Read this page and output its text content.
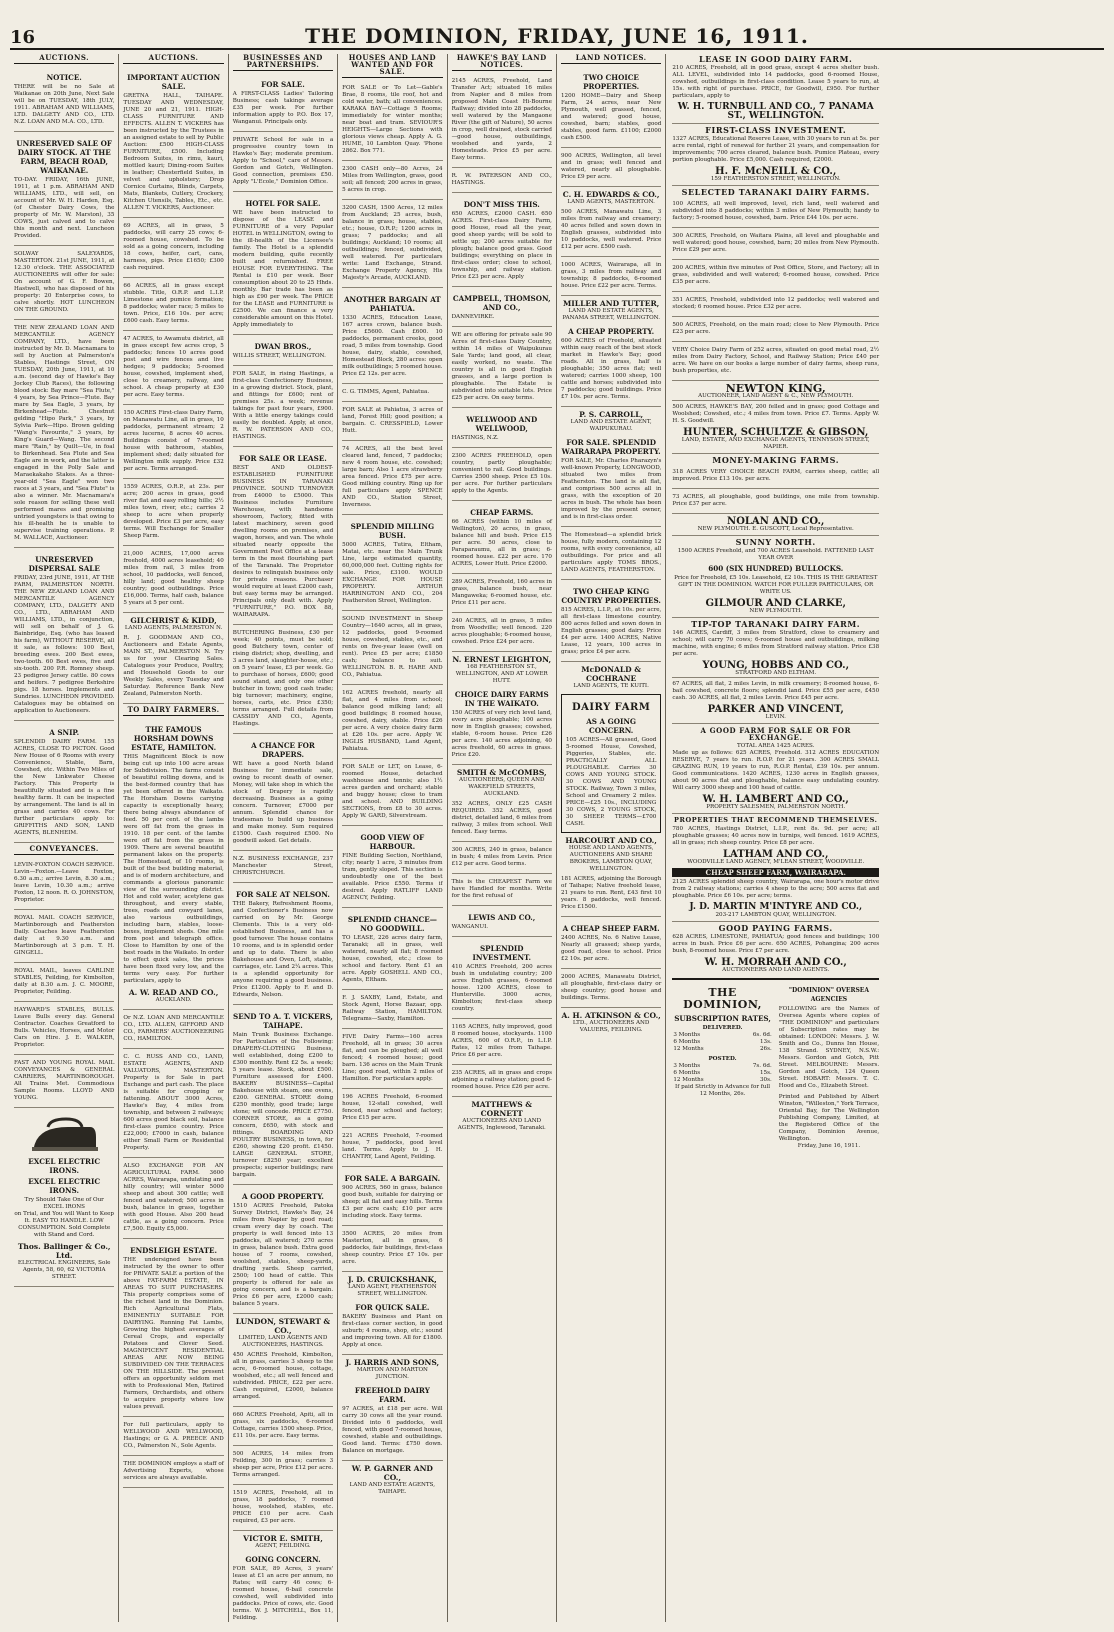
16	THE DOMINION, FRIDAY, JUNE 16, 1911.
AUCTIONS.
NOTICE.
THERE will be no Sale at Waikanae on 20th June, Next Sale will be on TUESDAY, 18th JULY, 1911. ABRAHAM AND WILLIAMS, LTD. DALGETY AND CO., LTD. N.Z. LOAN AND M.A. CO., LTD.
UNRESERVED SALE OF DAIRY STOCK. AT THE FARM, BEACH ROAD, WAIKANAE.
TO-DAY. FRIDAY, 16th JUNE, 1911, at 1 p.m. ABRAHAM AND WILLIAMS, LTD., will sell, on account of Mr. W. H. Harden, Esq. (of Chester Dairy Cows, the property of Mr. W. Marston), 35 COWS, just calved and to calve this month and next. Luncheon Provided.
SOLWAY SALEYARDS, MASTERTON. 21st JUNE, 1911, at 12.30 o'clock. THE ASSOCIATED AUCTIONEERS will offer for sale: On account of G. F. Bowen, Hastwell, who has disposed of his property: 20 Enterprise cows, to calve shortly. HOT LUNCHEON ON THE GROUND.
THE NEW ZEALAND LOAN AND MERCANTILE AGENCY COMPANY, LTD., have been instructed by Mr. D. Macnamara to sell by Auction at Palmerston's Stables, Hastings Street, ON TUESDAY, 20th June, 1911, at 10 a.m. (second day of Hawke's Bay Jockey Club Races), the following blood stock: Bay mare "Sea Flute," 4 years, by Sea Prince—Flute. Bay mare by Sea Eagle, 3 years, by Birkenhead—Flute. Chestnut gelding "Hipo Park," 3 years, by Sylvia Park—Hipo. Brown gelding "Wang's Favourite," 3 years, by King's Guard—Wang. The second mare "Rain," by Quilt—Ue, in foal to Birkenhead. Sea Flute and Sea Eagle are in work, and the latter is engaged in the Polly Sale and Maraekakaho Stakes. As a three-year-old "Sea Eagle" won two races at 3 years, and "Sea Flute" is also a winner. Mr. Macnamara's sole reason for selling these well performed mares and promising untried youngsters is that owing to his ill-health he is unable to supervise training operations. P. M. WALLACE, Auctioneer.
UNRESERVED DISPERSAL SALE
FRIDAY, 23rd JUNE, 1911, AT THE FARM, PALMERSTON NORTH. THE NEW ZEALAND LOAN AND MERCANTILE AGENCY COMPANY, LTD., DALGETY AND CO., LTD., ABRAHAM AND WILLIAMS, LTD., in conjunction, will sell on behalf of J. G. Bainbridge, Esq. (who has leased his farm), WITHOUT RESERVE, all it sale, as follows: 100 Best, breeding ewes. 200 Best ewes, two-tooth. 60 Best ewes, five and six-tooth. 200 P.R. Romney sheep. 23 pedigree Jersey cattle. 80 cows and heifers. 7 pedigree Berkshire pigs. 18 horses. Implements and Sundries. LUNCHEON PROVIDED. Catalogues may be obtained on application to Auctioneers.
A SNIP.
SPLENDID DAIRY FARM. 155 ACRES, CLOSE TO PICTON. Good New House of 6 Rooms with every Convenience, Stable, Barn, Cowshed, etc. Within Two Miles of the New Linkwater Cheese Factory. This Property is beautifully situated and is a fine healthy farm. It can be inspected by arrangement. The land is all in grass and carries 40 cows. For further particulars apply to: GRIFFITHS AND SON, LAND AGENTS, BLENHEIM.
CONVEYANCES.
LEVIN-FOXTON COACH SERVICE. Levin—Foxton.—Leave Foxton, 6.30 a.m.; arrive Levin, 8.30 a.m.; leave Levin, 10.30 a.m.; arrive Foxton, 12 noon. R. O. JOHNSTON, Proprietor.
ROYAL MAIL COACH SERVICE, Martinborough and Featherston Daily. Coaches leave Featherston daily at 9.30 a.m. and Martinborough at 3 p.m. T. H. GINGELL.
ROYAL MAIL, leaves CARLINE STABLES, Feilding, for Kimbolton, daily at 8.30 a.m. J. C. MOORE, Proprietor, Feilding.
HAYWARD'S STABLES, BULLS. Leave Bulls every day. General Contractor. Coaches Greatford to Bulls. Vehicles, Horses, and Motor Cars on Hire. J. E. WALKER, Proprietor.
FAST AND YOUNG ROYAL MAIL CONVEYANCES & GENERAL CARRIERS, MARTINBOROUGH. All Trains Met. Commodious Sample Rooms. LLOYD AND YOUNG.
EXCEL ELECTRIC IRONS.
EXCEL ELECTRIC IRONS.
Try Should Take One of Our EXCEL IRONS
on Trial, and You will Want to Keep It. EASY TO HANDLE. LOW CONSUMPTION. Sold Complete with Stand and Cord.
Thos. Ballinger & Co., Ltd.
ELECTRICAL ENGINEERS, Sole Agents, 58, 60, 62 VICTORIA STREET.
AUCTIONS.
IMPORTANT AUCTION SALE.
GRETNA HALL, TAIHAPE. TUESDAY AND WEDNESDAY, JUNE 20 and 21, 1911. HIGH-CLASS FURNITURE AND EFFECTS. ALLEN T. VICKERS has been instructed by the Trustees in an assigned estate to sell by Public Auction: £500 HIGH-CLASS FURNITURE, £500. Including Bedroom Suites, in rimu, kauri, mottled kauri; Dining-room Suites in leather; Chesterfield Suites, in velvet and upholstery; Drop Cornice Curtains, Blinds, Carpets, Mats, Blankets, Cutlery, Crockery, Kitchen Utensils, Tables, Etc., etc. ALLEN T. VICKERS, Auctioneer.
69 ACRES, all in grass, 5 paddocks, will carry 25 cows; 6-roomed house, cowshed. To be sold as a going concern, including 18 cows, heifer, cart, cans, harness, pigs. Price £1650; £300 cash required.
66 ACRES, all in grass except stubble. Title, O.R.P. and L.I.P. Limestone and pumice formation; 8 paddocks; water race; 5 miles to town. Price, £16 10s. per acre; £600 cash. Easy terms.
47 ACRES, to Awamutu district, all in grass except few acres crop, 5 paddocks; fences 10 acres good post and wire fences and live hedges; 9 paddocks; 5-roomed house, cowshed, implement shed, close to creamery, railway, and school. A cheap property at £30 per acre. Easy terms.
150 ACRES First-class Dairy Farm, on Manawatu Line, all in grass, 10 paddocks, permanent stream; 2 acres lucerne, 8 acres 40 acres. Buildings consist of 7-roomed house with bathroom, stables, implement shed; daily situated for Wellington milk supply. Price £32 per acre. Terms arranged.
1559 ACRES, O.R.P., at 23s. per acre; 200 acres in grass, good river flat and easy rolling hills; 2½ miles town, river, etc.; carries 2 sheep to acre when properly developed. Price £3 per acre, easy terms. Will Exchange for Smaller Sheep Farm.
21,000 ACRES, 17,000 acres freehold, 4000 acres leasehold; 40 miles from rail, 3 miles from school, 10 paddocks, well fenced, hilly land; good healthy sheep country; good outbuildings. Price £16,000. Terms, half cash, balance 5 years at 5 per cent.
GILCHRIST & KIDD,
LAND AGENTS, PALMERSTON N.
R. J. GOODMAN AND CO., Auctioneers and Estate Agents, MAIN ST., PALMERSTON N. Try us for your Clearing Sales. Catalogues your Produce, Poultry, and Household Goods to our Weekly Sales, every Tuesday and Saturday. Reference Bank New Zealand, Palmerston North.
TO DAIRY FARMERS.
THE FAMOUS HORSHAM DOWNS ESTATE, HAMILTON.
THIS Magnificent Block is now being cut up into 100 acre areas for Subdivision. The farms consist of beautiful rolling downs, and is the best-formed country that has yet been offered in the Waikato. The Horsham Downs carrying capacity is exceptionally heavy, there being always abundance of feed. 50 per cent. of the lambs were off fat from the grass in 1910. 18 per cent. of the lambs were off fat from the grass in 1909. There are several beautiful permanent lakes on the property. The Homestead, of 10 rooms, is built of the best building material, and is of modern architecture, and commands a glorious panoramic view of the surrounding district. Hot and cold water, acetylene gas throughout, and every stable, trees, roads and cowyard lanes, also various outbuildings, including barn, stables, loose-boxes, implement sheds. One mile from post and telegraph office. Close to Hamilton by one of the best roads in the Waikato. In order to effect quick sales, the prices have been fixed very low, and the terms very easy. For further particulars, apply to
A. W. READ AND CO.,
AUCKLAND.
Or N.Z. LOAN AND MERCANTILE CO., LTD. ALLEN, GIFFORD AND CO., FARMERS' AUCTIONEERING CO., HAMILTON.
C. C. RUSS AND CO., LAND, ESTATE AGENTS, AND VALUATORS, MASTERTON. Property is for Sale in part Exchange and part cash. The place is suitable for cropping or fattening. ABOUT 3000 Acres, Hawke's Bay, 4 miles from township, and between 2 railways; 600 acres good black soil, balance first-class pumice country. Price £22,000; £7000 in cash, balance either Small Farm or Residential Property.
ALSO EXCHANGE FOR AN AGRICULTURAL FARM. 3600 ACRES, Wairarapa, undulating and hilly country; will winter 5000 sheep and about 300 cattle; well fenced and watered; 500 acres in bush, balance in grass, together with good House. Also 200 head cattle, as a going concern. Price £7,500. Equity £5,000.
ENDSLEIGH ESTATE.
THE undersigned have been instructed by the owner to offer for PRIVATE SALE a portion of the above FAT-FARM ESTATE, IN AREAS TO SUIT PURCHASERS. This property comprises some of the richest land in the Dominion. Rich Agricultural Flats, EMINENTLY SUITABLE FOR DAIRYING. Running Fat Lambs, Growing the highest averages of Cereal Crops, and especially Potatoes and Clover Seed. MAGNIFICENT RESIDENTIAL AREAS ARE NOW BEING SUBDIVIDED ON THE TERRACES ON THE HILLSIDE. The present offers an opportunity seldom met with to Professional Men, Retired Farmers, Orchardists, and others to acquire property where low values prevail.
For full particulars, apply to WELLWOOD AND WELLWOOD, Hastings; or G. A. PREECE AND CO., Palmerston N., Sole Agents.
THE DOMINION employs a staff of Advertising Experts, whose services are always available.
BUSINESSES AND PARTNERSHIPS.
FOR SALE.
A FIRST-CLASS Ladies' Tailoring Business; cash takings average £35 per week. For further information apply to P.O. Box 17, Wanganui. Principals only.
PRIVATE School for sale in a progressive country town in Hawke's Bay; moderate premium. Apply to "School," care of Messrs. Gordon and Gotch, Wellington. Good connection, premises £50. Apply "L'Ecole," Dominion Office.
HOTEL FOR SALE.
WE have been instructed to dispose of the LEASE and FURNITURE of a very Popular HOTEL in WELLINGTON, owing to the ill-health of the Licensee's family. The Hotel is a splendid modern building, quite recently built and refurnished. FREE HOUSE FOR EVERYTHING. The Rental is £10 per week. Beer consumption about 20 to 25 Hhds. monthly. Bar trade has been as high as £90 per week. The PRICE for the LEASE and FURNITURE is £2500. We can finance a very considerable amount on this Hotel. Apply immediately to
DWAN BROS.,
WILLIS STREET, WELLINGTON.
FOR SALE, in rising Hastings, a first-class Confectionery Business, in a growing district. Stock, plant, and fittings for £600; rent of premises 25s. a week; revenue takings for past four years, £900. With a little energy takings could easily be doubled. Apply, at once, R. W. PATERSON AND CO., HASTINGS.
FOR SALE OR LEASE.
BEST AND OLDEST-ESTABLISHED FURNITURE BUSINESS IN TARANAKI PROVINCE. SOUND TURNOVER from £4000 to £5000. This Business includes Furniture Warehouse, with handsome showroom, Factory, fitted with latest machinery, seven good dwelling rooms on premises, and wagon, horses, and van. The whole situated nearly opposite the Government Post Office at a lease term in the most flourishing part of the Taranaki. The Proprietor desires to relinquish business only for private reasons. Purchaser would require at least £2000 cash, but easy terms may be arranged. Principals only dealt with. Apply "FURNITURE," P.O. BOX 88, WAIRARAPA.
BUTCHERING Business, £30 per week; 40 points, must be sold; good Butchery town, center of rising district; shop, dwelling, and 3 acres land, slaughter-house, etc.; on 5 years' lease, £3 per week. Go to purchase of horses, £600; good sound stand, and only one other butcher in town; good cash trade; big turnover; machinery, engine, horses, carts, etc. Price £350; terms arranged. Full details from CASSIDY AND CO., Agents, Hastings.
A CHANCE FOR DRAPERS.
WE have a good North Island Business for immediate sale, owing to recent death of owner. Money, will take shop in which the stock of Drapery is rapidly decreasing. Business as a going concern. Turnover, £7000 per annum. Splendid chance for tradesman to build up business and make money. Sum required £1500. Cash required £500. No goodwill asked. Get details.
N.Z. BUSINESS EXCHANGE, 237 Manchester Street, CHRISTCHURCH.
FOR SALE AT NELSON.
THE Bakery, Refreshment Rooms, and Confectioner's Business now carried on by Mr. George Clements. This is a very old-established Business, and has a good turnover. The house contains 10 rooms, and is in splendid order and up to date. There is also Bakehouse and Oven, Loft, stable, carriages, etc. Land 2¼ acres. This is a splendid opportunity for anyone requiring a good business. Price £1200. Apply to F. and D. Edwards, Nelson.
SEND TO A. T. VICKERS, TAIHAPE.
Main Trunk Business Exchange. For Particulars of the Following: DRAPERY-CLOTHING Business, well established, doing £200 to £300 monthly. Rent £2 5s. a week; 5 years lease. Stock, about £500. Furniture assessed for £400. BAKERY BUSINESS—Capital Bakehouse with steam, one ovens, £200. GENERAL STORE doing £250 monthly, good trade; large stone; will concede. PRICE £7750. CORNER STORE, as a going concern, £650, with stock and fittings. BOARDING AND POULTRY BUSINESS, in town, for £260, showing £20 profit. £1450. LARGE GENERAL STORE, turnover £8250 year; excellent prospects; superior buildings; rare bargain.
A GOOD PROPERTY.
1510 ACRES Freehold, Patoka Survey District, Hawke's Bay, 24 miles from Napier by good road; cream every day by coach. The property is well fenced into 13 paddocks, all watered; 270 acres in grass, balance bush. Extra good house of 7 rooms, cowshed, woolshed, stables, sheep-yards, drafting yards. Sheep carried, 2500; 100 head of cattle. This property is offered for sale as going concern, and is a bargain. Price £6 per acre, £2000 cash; balance 5 years.
LUNDON, STEWART & CO.,
LIMITED, LAND AGENTS AND AUCTIONEERS, HASTINGS.
450 ACRES Freehold, Kimbolton, all in grass, carries 3 sheep to the acre, 6-roomed house, cottage, woolshed, etc.; all well fenced and subdivided. PRICE, £22 per acre. Cash required, £2000, balance arranged.
660 ACRES Freehold, Apiti, all in grass, six paddocks, 6-roomed Cottage, carries 1500 sheep. Price, £11 10s. per acre. Easy terms.
500 ACRES, 14 miles from Feilding, 300 in grass; carries 3 sheep per acre, Price £12 per acre. Terms arranged.
1519 ACRES, Freehold, all in grass, 18 paddocks, 7 roomed house, woolshed, stables, etc. PRICE £10 per acre. Cash required, £3 per acre.
VICTOR E. SMITH,
AGENT, FEILDING.
GOING CONCERN.
FOR SALE, 89 Acres, 3 years' lease at £1 an acre per annum, no Rates; will carry 46 cows; 6-roomed house, 6-bail concrete cowshed, well subdivided into paddocks. Price of cows, etc. Good terms. W. J. MITCHELL, Box 11, Feilding.
HOUSES AND LAND WANTED AND FOR SALE.
FOR SALE or To Let—Gable's Brae, 8 rooms, tile roof, hot and cold water, bath; all conveniences. KARAKA BAY—Cottage 5 Rooms; immediately for winter months; near boat and tram. SEVIOUR'S HEIGHTS—Large Sections with glorious views cheap. Apply A. G. HUME, 10 Lambton Quay. 'Phone 2862. Box 771.
2300 CASH only—80 Acres, 24 Miles from Wellington, grass, good soil; all fenced; 200 acres in grass, 5 acres in crop.
3200 CASH, 1500 Acres, 12 miles from Auckland; 25 acres, bush, balance in grass; house, stables, etc.; house, O.R.P.; 1200 acres in grass; 7 paddocks; and all buildings; Auckland; 10 rooms; all outbuildings; fenced, subdivided, well watered. For particulars write: Land Exchange, Strand. Exchange Property Agency, His Majesty's Arcade, AUCKLAND.
ANOTHER BARGAIN AT PAHIATUA.
1330 ACRES, Education Lease, 167 acres crown, balance bush. Price £5600. Cash £600. 10 paddocks, permanent creeks, good road, 5 miles from township. Good house, dairy, stable, cowshed, Homestead Block, 280 acres: open milk outbuildings; 5 roomed house. Price £2 12s. per acre.
C. G. TIMMS, Agent, Pahiatua.
FOR SALE at Pahiatua, 3 acres of land, Forest Hill; good position; a bargain. C. CRESSFIELD, Lower Hutt.
74 ACRES, all the best level cleared land, fenced, 7 paddocks; new 4 room house, etc. cowshed; large barn; Also 1 acre strawberry area fenced. Price £75 per acre. Good milking country. Ring up for full particulars apply SPENCE AND CO., Station Street, Inverness.
SPLENDID MILLING BUSH.
5000 ACRES, Tutira, Eltham, Matai, etc. near the Main Trunk Line, large estimated quantity, 60,000,000 feet. Cutting rights for sale. Price, £3100. WOULD EXCHANGE FOR HOUSE PROPERTY. ARTHUR HARRINGTON AND CO., 204 Featherston Street, Wellington.
SOUND INVESTMENT in Sheep Country—1640 acres, all in grass, 12 paddocks, good 9-roomed house, cowshed, stables, etc., and rents on five-year lease (well on rent). Price £5 per acre; £1850 cash; balance to suit. WELLINGTON. B. R. HARE AND CO., Pahiatua.
162 ACRES freehold, nearly all flat, and 4 miles from school; balance good milking land; all good buildings; 8 roomed house, cowshed, dairy, stable. Price £26 per acre. A very choice dairy farm at £26 10s. per acre. Apply W. INGLIS HUSBAND, Land Agent, Pahiatua.
FOR SALE or LET, on Lease, 6-roomed House, detached washhouse and tennis; also 1½ acres garden and orchard; stable and buggy house; close to tram and school. AND BUILDING SECTIONS, from £8 to 30 acres. Apply W. GARD, Silverstream.
GOOD VIEW OF HARBOUR.
FINE Building Section, Northland, city; nearly 1 acre, 3 minutes from tram, gently sloped. This section is undoubtedly one of the best available. Price £550. Terms if desired. Apply RATLIFF LAND AGENCY, Feilding.
SPLENDID CHANCE—NO GOODWILL.
TO LEASE, 226 acres dairy farm, Taranaki; all in grass, well watered, nearly all flat; 8 roomed house, cowshed, etc.; close to school and factory. Rent £1 an acre. Apply GOSHELL AND CO., Agents, Eltham.
F. J. SAXBY, Land, Estate, and Stock Agent, Horse Bazaar, opp. Railway Station, HAMILTON. Telegrams—Saxby, Hamilton.
FIVE Dairy Farms—160 acres Freehold, all in grass; 30 acres flat, and can be ploughed; all well fenced; 4 roomed house; good barn. 136 acres on the Main Trunk Line; good road, within 2 miles of Hamilton. For particulars apply.
196 ACRES Freehold, 6-roomed house, 12-stall cowshed, well fenced, near school and factory; Price £15 per acre.
221 ACRES Freehold, 7-roomed house, 7 paddocks, good level land. Terms. Apply to J. H. CHANTRY, Land Agent, Feilding.
FOR SALE. A BARGAIN.
900 ACRES, 560 in grass, balance good bush, suitable for dairying or sheep; all flat and easy hills. Terms £3 per acre cash; £10 per acre including stock. Easy terms.
3500 ACRES, 20 miles from Masterton, all in grass, 6 paddocks, fair buildings, first-class sheep country. Price £7 10s. per acre.
J. D. CRUICKSHANK,
LAND AGENT, FEATHERSTON STREET, WELLINGTON.
FOR QUICK SALE.
BAKERY Business and Plant on first-class corner section, in good suburb; 4 rooms, shop, etc.; sound and improving town. All for £1800. Apply at once.
J. HARRIS AND SONS,
MARTON AND MARTON JUNCTION.
FREEHOLD DAIRY FARM.
97 ACRES, at £18 per acre. Will carry 30 cows all the year round. Divided into 6 paddocks, well fenced, with good 7-roomed house, cowshed, stable and outbuildings. Good land. Terms: £750 down. Balance on mortgage.
W. P. GARNER AND CO.,
LAND AND ESTATE AGENTS, TAIHAPE.
HAWKE'S BAY LAND NOTICES.
2145 ACRES, Freehold, Land Transfer Act; situated 16 miles from Napier and 8 miles from proposed Main Coast Hi-Bourne Railway; divided into 28 paddocks, well watered by the Mangaone River (the gift of Nature), 50 acres in crop, well drained, stock carried—good house, outbuildings, woolshed and yards, 2 Homesteads. Price £5 per acre. Easy terms.
R. W. PATERSON AND CO., HASTINGS.
DON'T MISS THIS.
650 ACRES, £2000 CASH. 650 ACRES. First-class Dairy Farm, good House, road all the year, good sheep yards; will be sold to settle up; 200 acres suitable for plough; balance good grass. Good buildings; everything on place in first-class order; close to school, township, and railway station. Price £23 per acre. Apply
CAMPBELL, THOMSON, AND CO.,
DANNEVIRKE.
WE are offering for private sale 90 Acres of first-class Dairy Country, within 14 miles of Waipukurau Sale Yards; land good, all clear, easily worked, no waste. The country is all in good English grasses, and a large portion is ploughable. The Estate is subdivided into suitable lots. Price £25 per acre. On easy terms.
WELLWOOD AND WELLWOOD,
HASTINGS, N.Z.
2300 ACRES FREEHOLD, open country, partly ploughable; convenient to rail. Good buildings. Carries 2500 sheep. Price £5 10s. per acre. For further particulars apply to the Agents.
CHEAP FARMS.
66 ACRES (within 10 miles of Wellington), 20 acres, in grass, balance hill and bush. Price £15 per acre. 50 acres, close to Paraparaumu, all in grass; 6-roomed house. £22 per acre. 170 ACRES, Lower Hutt. Price £2000.
289 ACRES, Freehold, 160 acres in grass, balance bush, near Mangaweka; 6-roomed house, etc. Price £11 per acre.
240 ACRES, all in grass, 5 miles from Woodville; well fenced. 220 acres ploughable; 6-roomed house, cowshed. Price £24 per acre.
N. ERNEST LEIGHTON,
168 FEATHERSTON ST., WELLINGTON, AND AT LOWER HUTT.
CHOICE DAIRY FARMS IN THE WAIKATO.
150 ACRES of very rich level land, every acre ploughable; 100 acres now in English grasses; cowshed, stable, 6-room house. Price £26 per acre. 140 acres adjoining, 40 acres freehold, 60 acres in grass. Price £20.
SMITH & McCOMBS,
AUCTIONEERS, QUEEN AND WAKEFIELD STREETS, AUCKLAND.
352 ACRES, ONLY £25 CASH REQUIRED. 352 ACRES, good district, detailed land, 6 miles from railway, 3 miles from school. Well fenced. Easy terms.
300 ACRES, 240 in grass, balance in bush; 4 miles from Levin. Price £12 per acre. Good terms.
This is the CHEAPEST Farm we have Handled for months. Write for the first refusal of
LEWIS AND CO.,
WANGANUI.
SPLENDID INVESTMENT.
410 ACRES Freehold, 200 acres bush in undulating country; 200 acres English grasses, 6-roomed house. 1200 ACRES, close to Hunterville. 3000 acres, Kimbolton; first-class sheep country.
1165 ACRES, fully improved, good 8 roomed house, stockyards. 1100 ACRES, 600 of O.R.P., in L.I.P. Rates, 12 miles from Taihape. Price £6 per acre.
235 ACRES, all in grass and crops adjoining a railway station; good 6-roomed house. Price £26 per acre.
MATTHEWS & CORNETT
AUCTIONEERS AND LAND AGENTS, Inglewood, Taranaki.
LAND NOTICES.
TWO CHOICE PROPERTIES.
1200 HOME—Dairy and Sheep Farm, 24 acres, near New Plymouth, well grassed, fenced, and watered; good house, cowshed, barn; stables, good stables, good farm. £1100; £2000 cash £500.
900 ACRES, Wellington, all level and in grass; well fenced and watered, nearly all ploughable. Price £9 per acre.
C. H. EDWARDS & CO.,
LAND AGENTS, MASTERTON.
500 ACRES, Manawatu Line, 3 miles from railway and creamery; 40 acres felled and sown down in English grasses, subdivided into 10 paddocks, well watered. Price £12 per acre. £500 cash.
1000 ACRES, Wairarapa, all in grass, 3 miles from railway and township; 8 paddocks, 6-roomed house. Price £22 per acre. Terms.
MILLER AND TUTTER,
LAND AND ESTATE AGENTS, PANAMA STREET, WELLINGTON.
A CHEAP PROPERTY.
600 ACRES of Freehold, situated within easy reach of the best stock market in Hawke's Bay; good roads. All in grass, half is ploughable; 350 acres flat; well watered; carries 1000 sheep, 100 cattle and horses; subdivided into 7 paddocks; good buildings. Price £7 10s. per acre. Terms.
P. S. CARROLL,
LAND AND ESTATE AGENT, WAIPUKURAU.
FOR SALE. SPLENDID WAIRARAPA PROPERTY.
FOR SALE, Mr. Charles Pharazyn's well-known Property, LONGWOOD, situated two miles from Featherston. The land is all flat, and comprises 500 acres all in grass, with the exception of 20 acres in bush. The whole has been improved by the present owner, and is in first-class order.
The Homestead—a splendid brick house, fully modern, containing 12 rooms, with every convenience, all outbuildings. For price and all particulars apply TOMS BROS., LAND AGENTS, FEATHERSTON.
TWO CHEAP KING COUNTRY PROPERTIES.
815 ACRES, L.I.P., at 10s. per acre, all first-class limestone country. 800 acres felled and sown down in English grasses; good dairy. Price £4 per acre. 1400 ACRES, Native Lease, 12 years, 100 acres in grass; price £4 per acre.
McDONALD & COCHRANE
LAND AGENTS, TE KUITI.
DAIRY FARM
AS A GOING CONCERN.
105 ACRES—All grassed, Good 5-roomed House, Cowshed, Piggeries, Stables, etc. PRACTICALLY ALL PLOUGHABLE. Carries 30 COWS AND YOUNG STOCK. 30 COWS AND YOUNG STOCK. Railway, Town 3 miles, School and Creamery 2 miles. PRICE—£25 10s., INCLUDING 30 COWS, 2 YOUNG STOCK, 30 SHEEP. TERMS—£700 CASH.
HARCOURT AND CO.,
HOUSE AND LAND AGENTS, AUCTIONEERS AND SHARE BROKERS, LAMBTON QUAY, WELLINGTON.
181 ACRES, adjoining the Borough of Taihape; Native freehold lease, 21 years to run. Rent, £43 first 10 years. 8 paddocks, well fenced. Price £1500.
A CHEAP SHEEP FARM.
2400 ACRES, No. 6 Native Lease, Nearly all grassed; sheep yards, good road, close to school. Price £2 10s. per acre.
2000 ACRES, Manawatu District, all ploughable, first-class dairy or sheep country; good house and buildings. Terms.
A. H. ATKINSON & CO.,
LTD., AUCTIONEERS AND VALUERS, FEILDING.
LEASE IN GOOD DAIRY FARM.
210 ACRES, Freehold, all in good grass, except 4 acres shelter bush. ALL LEVEL, subdivided into 14 paddocks, good 6-roomed House, cowshed, outbuildings in first-class condition. Lease 5 years to run, at 15s. with right of purchase. PRICE, for Goodwill, £950. For further particulars, apply to
W. H. TURNBULL AND CO., 7 PANAMA ST., WELLINGTON.
FIRST-CLASS INVESTMENT.
1327 ACRES, Educational Reserve Lease, with 30 years to run at 5s. per acre rental, right of renewal for further 21 years, and compensation for improvements; 700 acres cleared, balance bush. Pumice Plateau, every portion ploughable. Price £5,000. Cash required, £2000.
H. F. McNEILL & CO.,
159 FEATHERSTON STREET, WELLINGTON.
SELECTED TARANAKI DAIRY FARMS.
100 ACRES, all well improved, level, rich land, well watered and subdivided into 8 paddocks; within 3 miles of New Plymouth; handy to factory; 5-roomed house, cowshed, barn. Price £44 10s. per acre.
300 ACRES, Freehold, on Waitara Plains, all level and ploughable and well watered; good house, cowshed, barn; 20 miles from New Plymouth. Price £29 per acre.
200 ACRES, within five minutes of Post Office, Store, and Factory; all in grass, subdivided and well watered; 6-roomed house, cowshed. Price £35 per acre.
351 ACRES, Freehold, subdivided into 12 paddocks; well watered and stocked; 6 roomed house. Price £32 per acre.
500 ACRES, Freehold, on the main road; close to New Plymouth. Price £23 per acre.
VERY Choice Dairy Farm of 252 acres, situated on good metal road, 2½ miles from Dairy Factory, School, and Railway Station; Price £40 per acre. We have on our books a large number of dairy farms, sheep runs, bush properties, etc.
NEWTON KING,
AUCTIONEER, LAND AGENT & C., NEW PLYMOUTH.
500 ACRES, HAWKE'S BAY, 200 felled and in grass; good Cottage and Woolshed; Cowshed, etc.; 4 miles from town. Price £7. Terms. Apply W. H. S. Goodwill.
HUNTER, SCHULTZE & GIBSON,
LAND, ESTATE, AND EXCHANGE AGENTS, TENNYSON STREET, NAPIER.
MONEY-MAKING FARMS.
318 ACRES VERY CHOICE BEACH FARM, carries sheep, cattle; all improved. Price £13 10s. per acre.
73 ACRES, all ploughable, good buildings, one mile from township. Price £37 per acre.
NOLAN AND CO.,
NEW PLYMOUTH. E. GUSCOTT, Local Representative.
SUNNY NORTH.
1500 ACRES Freehold, and 700 ACRES Leasehold. FATTENED LAST YEAR OVER
600 (SIX HUNDRED) BULLOCKS.
Price for Freehold, £5 10s. Leasehold, £2 10s. THIS IS THE GREATEST GIFT IN THE DOMINION. WATCH FOR FULLER PARTICULARS, OR WRITE US.
GILMOUR AND CLARKE,
NEW PLYMOUTH.
TIP-TOP TARANAKI DAIRY FARM.
146 ACRES, Cardiff, 3 miles from Stratford, close to creamery and school; will carry 70 cows; 6-roomed house and outbuildings, milking machine, with engine; 6 miles from Stratford railway station. Price £38 per acre.
YOUNG, HOBBS AND CO.,
STRATFORD AND ELTHAM.
67 ACRES, all flat, 2 miles Levin, in milk creamery; 8-roomed house, 6-bail cowshed, concrete floors; splendid land. Price £55 per acre, £450 cash. 30 ACRES, all flat, 2 miles Levin. Price £45 per acre.
PARKER AND VINCENT,
LEVIN.
A GOOD FARM FOR SALE OR FOR EXCHANGE.
TOTAL AREA 1425 ACRES.
Made up as follows: 625 ACRES, Freehold. 312 ACRES EDUCATION RESERVE, 7 years to run. R.O.P. for 21 years. 300 ACRES SMALL GRAZING RUN, 19 years to run, R.O.P. Rental, £39 10s. per annum. Good communications. 1420 ACRES, 1230 acres in English grasses, about 90 acres flat and ploughable, balance easy undulating country. Will carry 3000 sheep and 100 head of cattle.
W. H. LAMBERT AND CO.,
PROPERTY SALESMEN, PALMERSTON NORTH.
PROPERTIES THAT RECOMMEND THEMSELVES.
780 ACRES, Hastings District, L.I.P., rent 8s. 9d. per acre; all ploughable grasses; 40 acres now in turnips, well fenced. 1619 ACRES, all in grass; rich sheep country. Price £8 per acre.
LATHAM AND CO.,
WOODVILLE LAND AGENCY, M'LEAN STREET, WOODVILLE.
CHEAP SHEEP FARM, WAIRARAPA.
2125 ACRES splendid sheep country, Wairarapa, one hour's motor drive from 2 railway stations; carries 4 sheep to the acre; 500 acres flat and ploughable. Price £6 10s. per acre; terms.
J. D. MARTIN M'INTYRE AND CO.,
203-217 LAMBTON QUAY, WELLINGTON.
GOOD PAYING FARMS.
628 ACRES, LIMESTONE, PAHIATUA; good fences and buildings; 100 acres in bush. Price £6 per acre. 650 ACRES, Pohangina; 200 acres bush, 8-roomed house. Price £7 per acre.
W. H. MORRAH AND CO.,
AUCTIONEERS AND LAND AGENTS.
THE DOMINION,
SUBSCRIPTION RATES,
DELIVERED.
3 Months	6s. 6d.
6 Months	13s.
12 Months	26s.
POSTED.
3 Months	7s. 6d.
6 Months	15s.
12 Months	30s.
If paid Strictly in Advance for full 12 Months, 26s.
"DOMINION" OVERSEA AGENCIES
FOLLOWING are the Names of Oversea Agents where copies of "THE DOMINION" and particulars of Subscription rates may be obtained: LONDON: Messrs. J. W. Smith and Co., Dunns Inn House, 138 Strand. SYDNEY, N.S.W.: Messrs. Gordon and Gotch, Pitt Street. MELBOURNE: Messrs. Gordon and Gotch, 124 Queen Street. HOBART: Messrs. T. C. Hood and Co., Elizabeth Street.
Printed and Published by Albert Winston, "Willeston," York Terrace, Oriental Bay, for The Wellington Publishing Company, Limited, at the Registered Office of the Company, Dominion Avenue, Wellington.
Friday, June 16, 1911.
